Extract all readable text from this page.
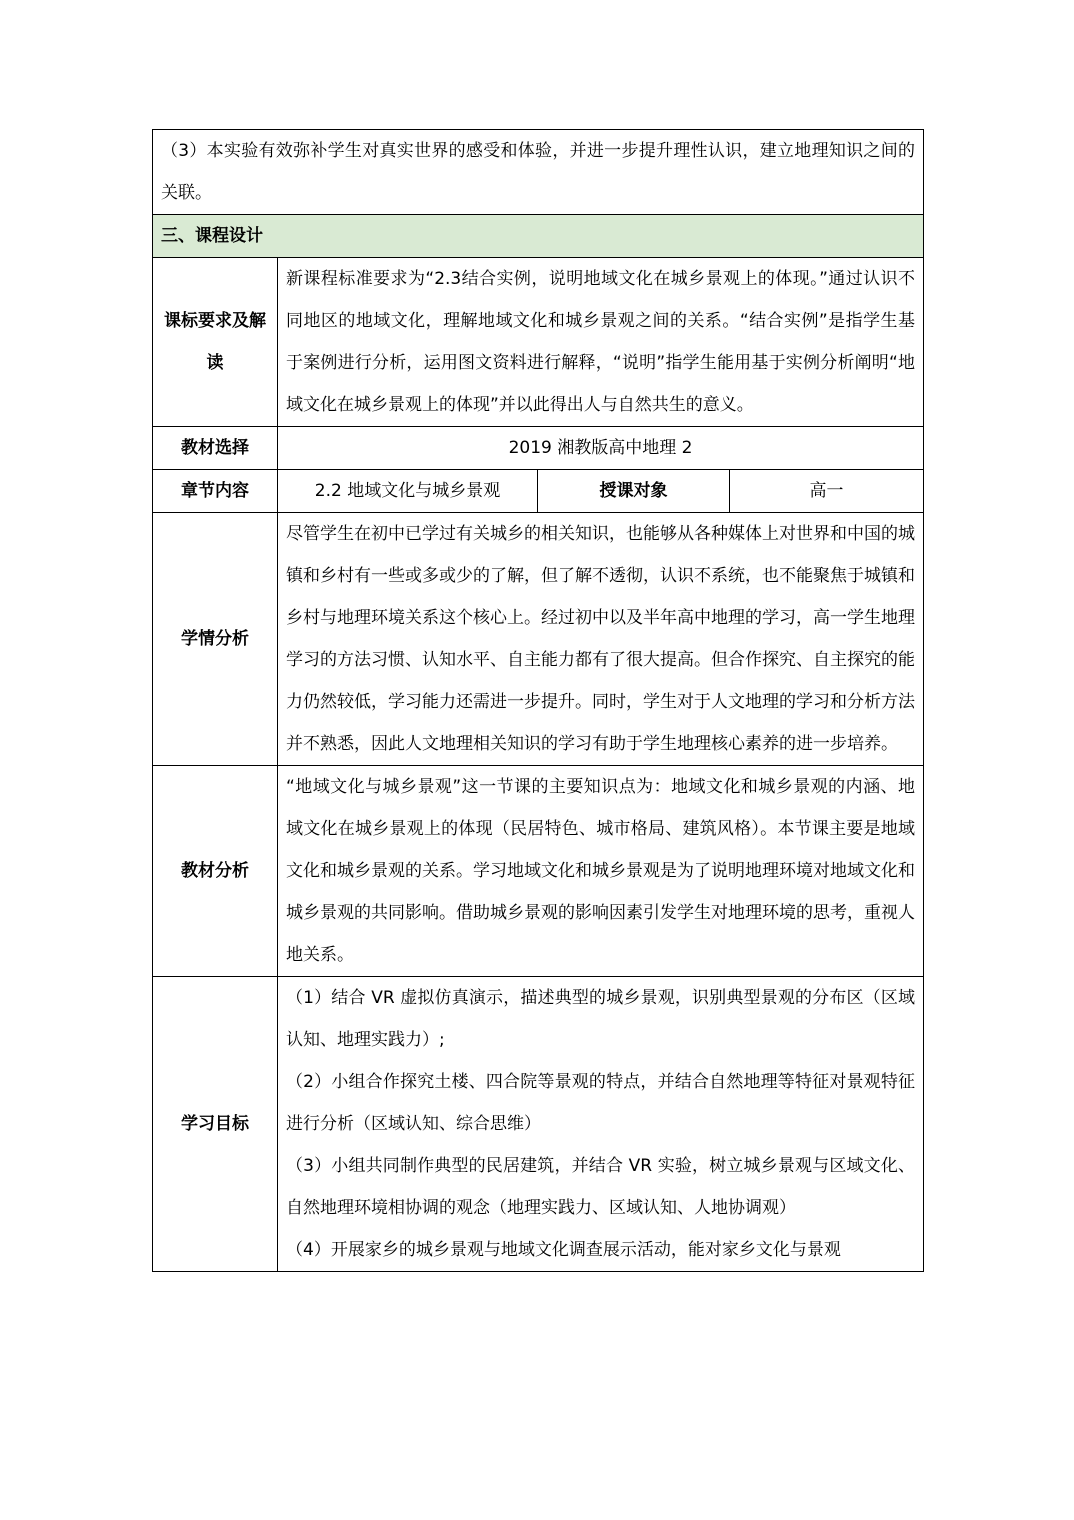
（3）本实验有效弥补学生对真实世界的感受和体验，并进一步提升理性认识，建立地理知识之间的关联。			
三、课程设计			
课标要求及解读	新课程标准要求为“2.3结合实例，说明地域文化在城乡景观上的体现。”通过认识不同地区的地域文化，理解地域文化和城乡景观之间的关系。“结合实例”是指学生基于案例进行分析，运用图文资料进行解释，“说明”指学生能用基于实例分析阐明“地域文化在城乡景观上的体现”并以此得出人与自然共生的意义。		
教材选择	2019 湘教版高中地理 2		
章节内容	2.2 地域文化与城乡景观	授课对象	高一
学情分析	尽管学生在初中已学过有关城乡的相关知识，也能够从各种媒体上对世界和中国的城镇和乡村有一些或多或少的了解，但了解不透彻，认识不系统，也不能聚焦于城镇和乡村与地理环境关系这个核心上。经过初中以及半年高中地理的学习，高一学生地理学习的方法习惯、认知水平、自主能力都有了很大提高。但合作探究、自主探究的能力仍然较低，学习能力还需进一步提升。同时，学生对于人文地理的学习和分析方法并不熟悉，因此人文地理相关知识的学习有助于学生地理核心素养的进一步培养。		
教材分析	“地域文化与城乡景观”这一节课的主要知识点为：地域文化和城乡景观的内涵、地域文化在城乡景观上的体现（民居特色、城市格局、建筑风格）。本节课主要是地域文化和城乡景观的关系。学习地域文化和城乡景观是为了说明地理环境对地域文化和城乡景观的共同影响。借助城乡景观的影响因素引发学生对地理环境的思考，重视人地关系。		
学习目标	（1）结合 VR 虚拟仿真演示，描述典型的城乡景观，识别典型景观的分布区（区域认知、地理实践力）;
（2）小组合作探究土楼、四合院等景观的特点，并结合自然地理等特征对景观特征进行分析（区域认知、综合思维）
（3）小组共同制作典型的民居建筑，并结合 VR 实验，树立城乡景观与区域文化、自然地理环境相协调的观念（地理实践力、区域认知、人地协调观）
（4）开展家乡的城乡景观与地域文化调查展示活动，能对家乡文化与景观		
